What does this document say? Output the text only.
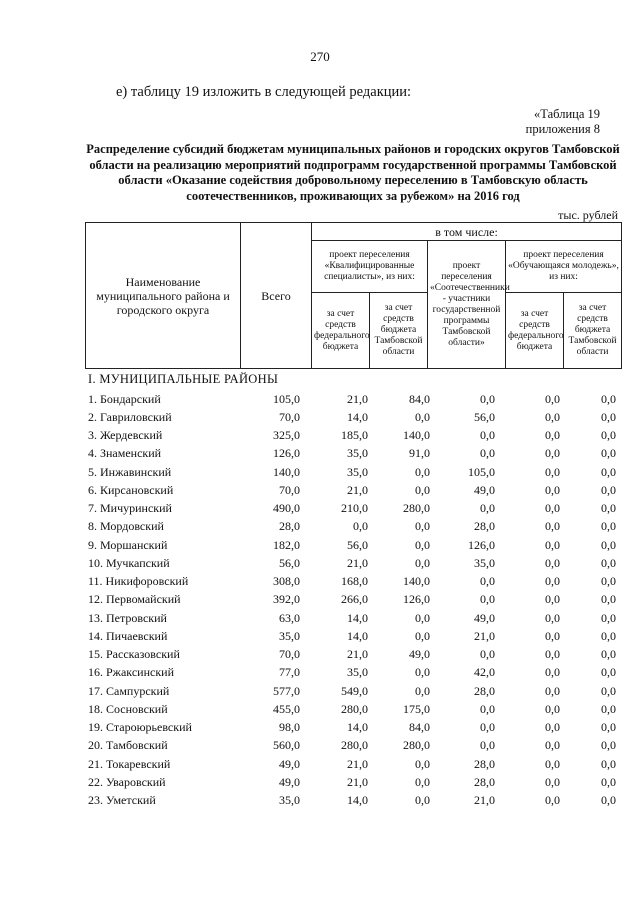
270
е) таблицу 19 изложить в следующей редакции:
«Таблица 19
приложения 8
Распределение субсидий бюджетам муниципальных районов и городских округов Тамбовской области на реализацию мероприятий подпрограмм государственной программы Тамбовской области «Оказание содействия добровольному переселению в Тамбовскую область соотечественников, проживающих за рубежом» на 2016 год
тыс. рублей
Наименование муниципального района и городского округа	Всего	в том числе:				
		проект переселения «Квалифицированные специалисты», из них:		проект переселения «Соотечественники - участники государственной программы Тамбовской области»	проект переселения «Обучающаяся молодежь», из них:	
		за счет средств федерального бюджета	за счет средств бюджета Тамбовской области		за счет средств федерального бюджета	за счет средств бюджета Тамбовской области
I. МУНИЦИПАЛЬНЫЕ РАЙОНЫ
1. Бондарский	105,0	21,0	84,0	0,0	0,0	0,0
2. Гавриловский	70,0	14,0	0,0	56,0	0,0	0,0
3. Жердевский	325,0	185,0	140,0	0,0	0,0	0,0
4. Знаменский	126,0	35,0	91,0	0,0	0,0	0,0
5. Инжавинский	140,0	35,0	0,0	105,0	0,0	0,0
6. Кирсановский	70,0	21,0	0,0	49,0	0,0	0,0
7. Мичуринский	490,0	210,0	280,0	0,0	0,0	0,0
8. Мордовский	28,0	0,0	0,0	28,0	0,0	0,0
9. Моршанский	182,0	56,0	0,0	126,0	0,0	0,0
10. Мучкапский	56,0	21,0	0,0	35,0	0,0	0,0
11. Никифоровский	308,0	168,0	140,0	0,0	0,0	0,0
12. Первомайский	392,0	266,0	126,0	0,0	0,0	0,0
13. Петровский	63,0	14,0	0,0	49,0	0,0	0,0
14. Пичаевский	35,0	14,0	0,0	21,0	0,0	0,0
15. Рассказовский	70,0	21,0	49,0	0,0	0,0	0,0
16. Ржаксинский	77,0	35,0	0,0	42,0	0,0	0,0
17. Сампурский	577,0	549,0	0,0	28,0	0,0	0,0
18. Сосновский	455,0	280,0	175,0	0,0	0,0	0,0
19. Староюрьевский	98,0	14,0	84,0	0,0	0,0	0,0
20. Тамбовский	560,0	280,0	280,0	0,0	0,0	0,0
21. Токаревский	49,0	21,0	0,0	28,0	0,0	0,0
22. Уваровский	49,0	21,0	0,0	28,0	0,0	0,0
23. Уметский	35,0	14,0	0,0	21,0	0,0	0,0
